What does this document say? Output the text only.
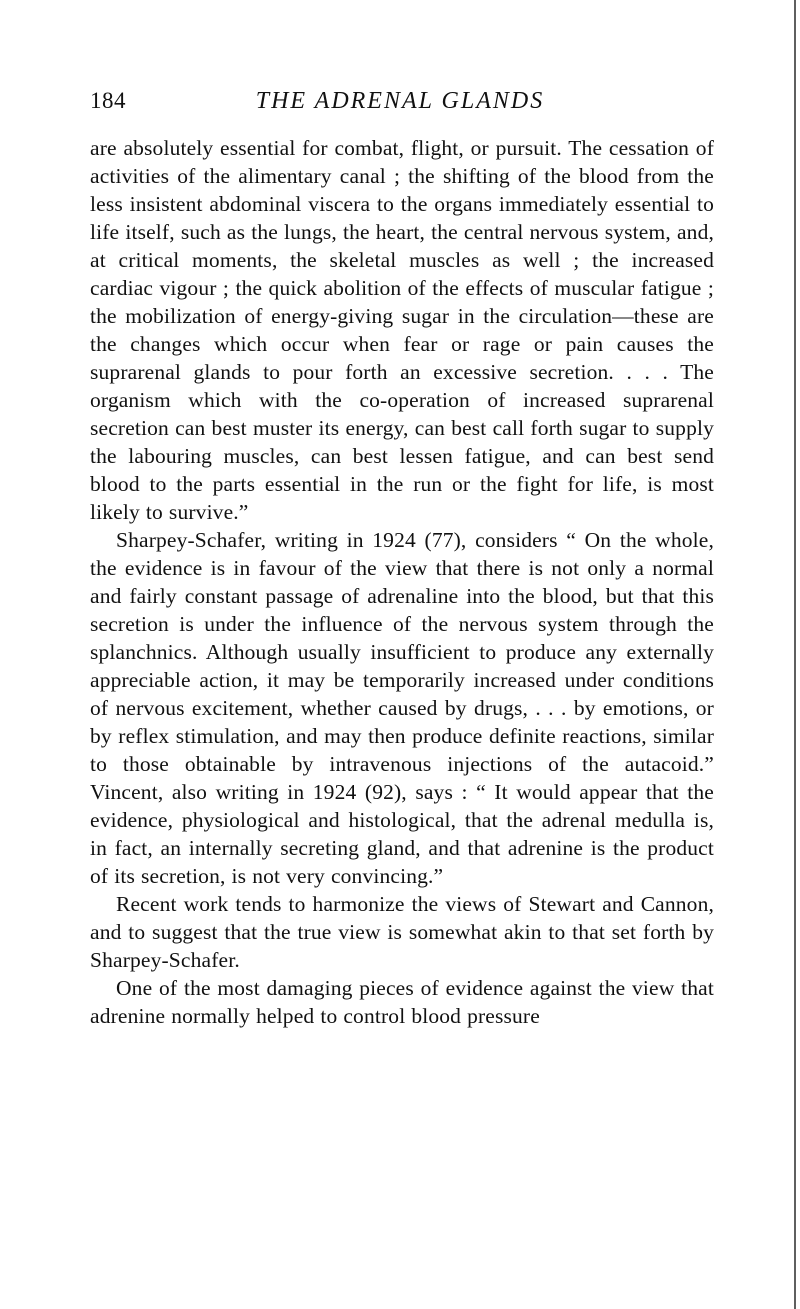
184	THE ADRENAL GLANDS

are absolutely essential for combat, flight, or pursuit. The cessation of activities of the alimentary canal ; the shifting of the blood from the less insistent abdominal viscera to the organs immediately essential to life itself, such as the lungs, the heart, the central nervous system, and, at critical moments, the skeletal muscles as well ; the increased cardiac vigour ; the quick abolition of the effects of muscular fatigue ; the mobilization of energy-giving sugar in the circulation—these are the changes which occur when fear or rage or pain causes the suprarenal glands to pour forth an excessive secretion. . . . The organism which with the co-operation of increased suprarenal secretion can best muster its energy, can best call forth sugar to supply the labouring muscles, can best lessen fatigue, and can best send blood to the parts essential in the run or the fight for life, is most likely to survive.”

Sharpey-Schafer, writing in 1924 (77), considers “ On the whole, the evidence is in favour of the view that there is not only a normal and fairly constant passage of adrenaline into the blood, but that this secretion is under the influence of the nervous system through the splanchnics. Although usually insufficient to produce any externally appreciable action, it may be temporarily increased under conditions of nervous excitement, whether caused by drugs, . . . by emotions, or by reflex stimulation, and may then produce definite reactions, similar to those obtainable by intravenous injections of the autacoid.” Vincent, also writing in 1924 (92), says : “ It would appear that the evidence, physiological and histological, that the adrenal medulla is, in fact, an internally secreting gland, and that adrenine is the product of its secretion, is not very convincing.”

Recent work tends to harmonize the views of Stewart and Cannon, and to suggest that the true view is somewhat akin to that set forth by Sharpey-Schafer.

One of the most damaging pieces of evidence against the view that adrenine normally helped to control blood pressure
